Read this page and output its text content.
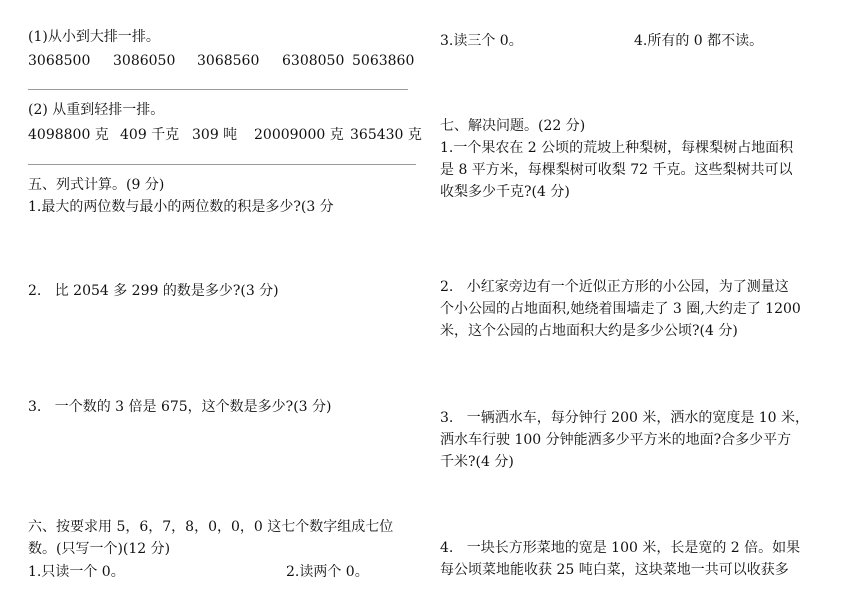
(1)从小到大排一排。
3068500 3086050 3068560 6308050 5063860
(2) 从重到轻排一排。
4098800 克 409 千克 309 吨 20009000 克 365430 克
五、列式计算。(9 分)
1.最大的两位数与最小的两位数的积是多少?(3 分
2.   比 2054 多 299 的数是多少?(3 分)
3.   一个数的 3 倍是 675，这个数是多少?(3 分)
六、按要求用 5，6，7，8，0，0，0 这七个数字组成七位
数。(只写一个)(12 分)
1.只读一个 0。	2.读两个 0。
3.读三个 0。	4.所有的 0 都不读。
七、解决问题。(22 分)
1.一个果农在 2 公顷的荒坡上种梨树，每棵梨树占地面积
是 8 平方米，每棵梨树可收梨 72 千克。这些梨树共可以
收梨多少千克?(4 分)
2.   小红家旁边有一个近似正方形的小公园，为了测量这
个小公园的占地面积,她绕着围墙走了 3 圈,大约走了 1200
米，这个公园的占地面积大约是多少公顷?(4 分)
3.   一辆洒水车，每分钟行 200 米，洒水的宽度是 10 米，
洒水车行驶 100 分钟能洒多少平方米的地面?合多少平方
千米?(4 分)
4.   一块长方形菜地的宽是 100 米，长是宽的 2 倍。如果
每公顷菜地能收获 25 吨白菜，这块菜地一共可以收获多
